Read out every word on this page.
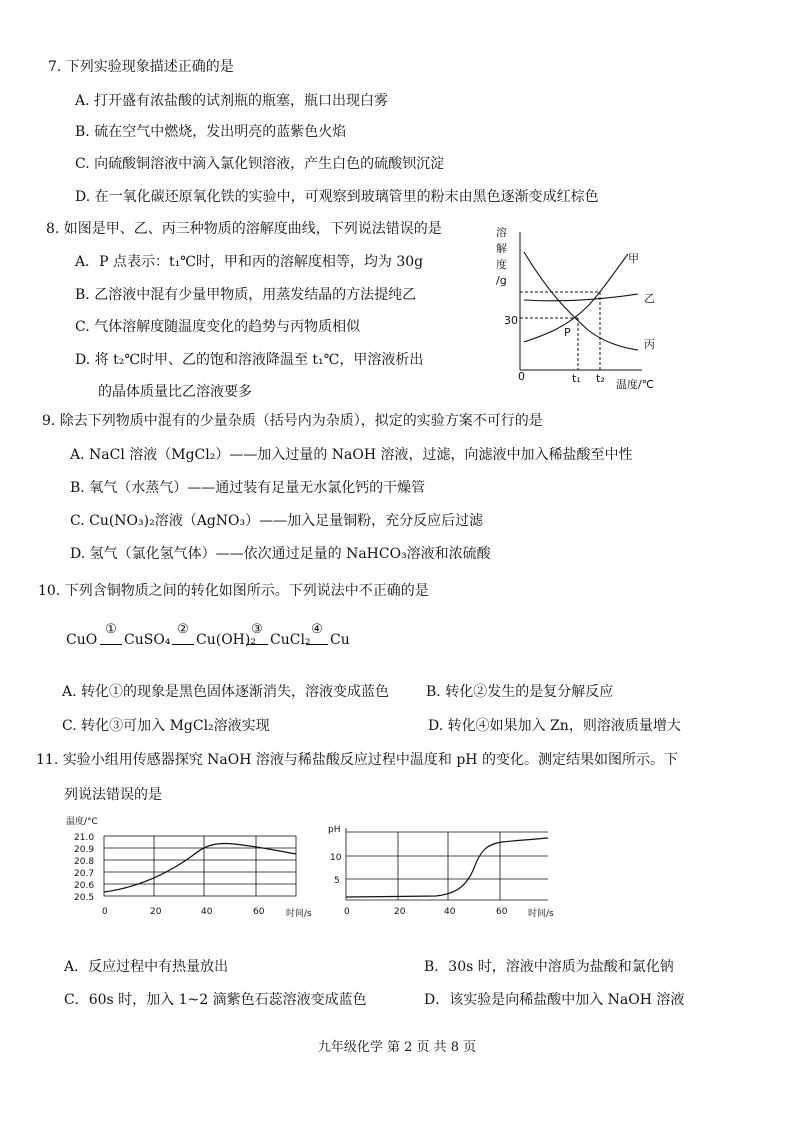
7. 下列实验现象描述正确的是
A. 打开盛有浓盐酸的试剂瓶的瓶塞，瓶口出现白雾
B. 硫在空气中燃烧，发出明亮的蓝紫色火焰
C. 向硫酸铜溶液中滴入氯化钡溶液，产生白色的硫酸钡沉淀
D. 在一氧化碳还原氧化铁的实验中，可观察到玻璃管里的粉末由黑色逐渐变成红棕色
8. 如图是甲、乙、丙三种物质的溶解度曲线，下列说法错误的是
A．P 点表示：t₁℃时，甲和丙的溶解度相等，均为 30g
B. 乙溶液中混有少量甲物质，用蒸发结晶的方法提纯乙
C. 气体溶解度随温度变化的趋势与丙物质相似
D. 将 t₂℃时甲、乙的饱和溶液降温至 t₁℃，甲溶液析出
的晶体质量比乙溶液要多
溶
解
度
/g
30
0	t₁ t₂ 温度/℃
P
甲
乙
丙
9. 除去下列物质中混有的少量杂质（括号内为杂质），拟定的实验方案不可行的是
A. NaCl 溶液（MgCl₂）——加入过量的 NaOH 溶液，过滤，向滤液中加入稀盐酸至中性
B. 氧气（水蒸气）——通过装有足量无水氯化钙的干燥管
C. Cu(NO₃)₂溶液（AgNO₃）——加入足量铜粉，充分反应后过滤
D. 氢气（氯化氢气体）——依次通过足量的 NaHCO₃溶液和浓硫酸
10. 下列含铜物质之间的转化如图所示。下列说法中不正确的是
CuO
①
CuSO₄
②
Cu(OH)₂
③
CuCl₂
④
Cu
A. 转化①的现象是黑色固体逐渐消失，溶液变成蓝色	B. 转化②发生的是复分解反应
C. 转化③可加入 MgCl₂溶液实现	D. 转化④如果加入 Zn，则溶液质量增大
11. 实验小组用传感器探究 NaOH 溶液与稀盐酸反应过程中温度和 pH 的变化。测定结果如图所示。下
列说法错误的是
温度/°C
21.0
20.9
20.8
20.7
20.6
20.5
0	20	40	60 时间/s
pH
10
5
0	20	40	60 时间/s
A．反应过程中有热量放出	B．30s 时，溶液中溶质为盐酸和氯化钠
C．60s 时，加入 1~2 滴紫色石蕊溶液变成蓝色	D．该实验是向稀盐酸中加入 NaOH 溶液
九年级化学 第 2 页 共 8 页
